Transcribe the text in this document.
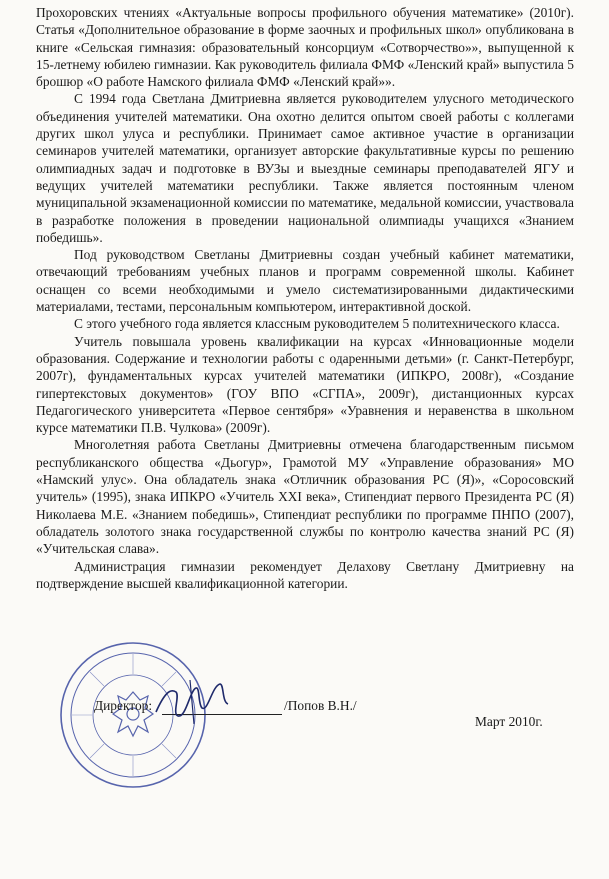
Прохоровских чтениях «Актуальные вопросы профильного обучения математике» (2010г). Статья «Дополнительное образование в форме заочных и профильных школ» опубликована в книге «Сельская гимназия: образовательный консорциум «Сотворчество»», выпущенной к 15-летнему юбилею гимназии. Как руководитель филиала ФМФ «Ленский край» выпустила 5 брошюр «О работе Намского филиала ФМФ «Ленский край»».

С 1994 года Светлана Дмитриевна является руководителем улусного методического объединения учителей математики. Она охотно делится опытом своей работы с коллегами других школ улуса и республики. Принимает самое активное участие в организации семинаров учителей математики, организует авторские факультативные курсы по решению олимпиадных задач и подготовке в ВУЗы и выездные семинары преподавателей ЯГУ и ведущих учителей математики республики. Также является постоянным членом муниципальной экзаменационной комиссии по математике, медальной комиссии, участвовала в разработке положения в проведении национальной олимпиады учащихся «Знанием победишь».

Под руководством Светланы Дмитриевны создан учебный кабинет математики, отвечающий требованиям учебных планов и программ современной школы. Кабинет оснащен со всеми необходимыми и умело систематизированными дидактическими материалами, тестами, персональным компьютером, интерактивной доской.

С этого учебного года является классным руководителем 5 политехнического класса.

Учитель повышала уровень квалификации на курсах «Инновационные модели образования. Содержание и технологии работы с одаренными детьми» (г. Санкт-Петербург, 2007г), фундаментальных курсах учителей математики (ИПКРО, 2008г), «Создание гипертекстовых документов» (ГОУ ВПО «СГПА», 2009г), дистанционных курсах Педагогического университета «Первое сентября» «Уравнения и неравенства в школьном курсе математики П.В. Чулкова» (2009г).

Многолетняя работа Светланы Дмитриевны отмечена благодарственным письмом республиканского общества «Дьогур», Грамотой МУ «Управление образования» МО «Намский улус». Она обладатель знака «Отличник образования РС (Я)», «Соросовский учитель» (1995), знака ИПКРО «Учитель XXI века», Стипендиат первого Президента РС (Я) Николаева М.Е. «Знанием победишь», Стипендиат республики по программе ПНПО (2007), обладатель золотого знака государственной службы по контролю качества знаний РС (Я) «Учительская слава».

Администрация гимназии рекомендует Делахову Светлану Дмитриевну на подтверждение высшей квалификационной категории.

Директор:	/Попов В.Н./
Март 2010г.
